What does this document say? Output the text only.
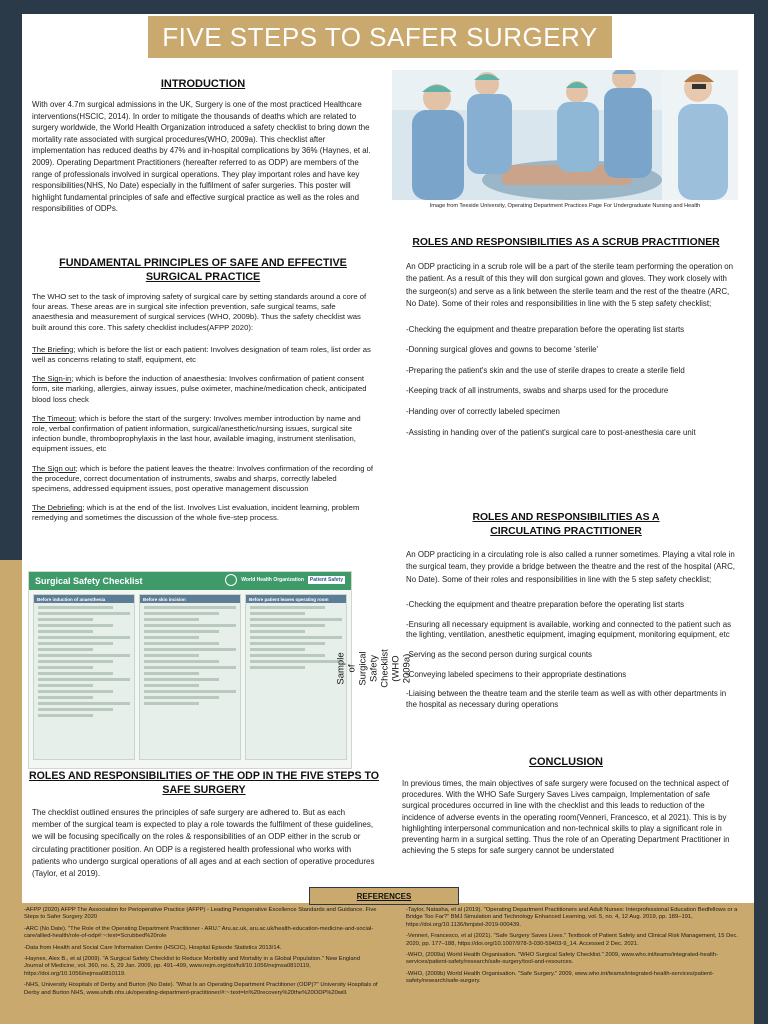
FIVE STEPS TO SAFER SURGERY
INTRODUCTION

With over 4.7m surgical admissions in the UK, Surgery is one of the most practiced Healthcare interventions(HSCIC, 2014). In order to mitigate the thousands of deaths which are related to surgery worldwide, the World Health Organization introduced a safety checklist to bring down the mortality rate associated with surgical procedures(WHO, 2009a). This checklist after implementation has reduced deaths by 47% and in-hospital complications by 36% (Haynes, et al. 2009). Operating Department Practitioners (hereafter referred to as ODP) are members of the range of professionals involved in surgical operations. They play important roles and have key responsibilities(NHS, No Date) especially in the fulfilment of safer surgeries. This poster will highlight fundamental principles of safe and effective surgical practice as well as the roles and responsibilities of ODPs.

FUNDAMENTAL PRINCIPLES OF SAFE AND EFFECTIVE SURGICAL PRACTICE

The WHO set to the task of improving safety of surgical care by setting standards around a core of four areas. These areas are in surgical site infection prevention, safe surgical teams, safe anaesthesia and measurement of surgical services (WHO, 2009b). Thus the safety checklist was built around this core. This safety checklist includes(AFPP 2020):

The Briefing; which is before the list or each patient: Involves designation of team roles, list order as well as concerns relating to staff, equipment, etc

The Sign-in; which is before the induction of anaesthesia: Involves confirmation of patient consent form, site marking, allergies, airway issues, pulse oximeter, machine/medication check, anticipated blood loss check

The Timeout; which is before the start of the surgery: Involves member introduction by name and role, verbal confirmation of patient information, surgical/anesthetic/nursing issues, surgical site infection bundle, thromboprophylaxis in the last hour, available imaging, instrument sterilisation, equipment issues, etc

The Sign out; which is before the patient leaves the theatre: Involves confirmation of the recording of the procedure, correct documentation of instruments, swabs and sharps, correctly labeled specimens, addressed equipment issues, post operative management discussion

The Debriefing; which is at the end of the list. Involves List evaluation, incident learning, problem remedying and sometimes the discussion of the whole five-step process.

Surgical Safety Checklist	World Health Organization	Patient Safety
Before induction of anaesthesia	Before skin incision	Before patient leaves operating room
Sample of Surgical Safety Checklist (WHO 2009a)
ROLES AND RESPONSIBILITIES OF THE ODP IN THE FIVE STEPS TO SAFE SURGERY

The checklist outlined ensures the principles of safe surgery are adhered to. But as each member of the surgical team is expected to play a role towards the fulfilment of these guidelines, we will be focusing specifically on the roles & responsibilities of an ODP either in the scrub or circulating practitioner position. An ODP is a registered health professional who works with patients who undergo surgical operations of all ages and at each section of operative procedures (Taylor, et al 2019).

Image from Teeside University, Operating Department Practices Page For Undergraduate Nursing and Health
ROLES AND RESPONSIBILITIES AS A SCRUB PRACTITIONER

An ODP practicing in a scrub role will be a part of the sterile team performing the operation on the patient. As a result of this they will don surgical gown and gloves. They work closely with the surgeon(s) and serve as a link between the sterile team and the rest of the theatre (ARC, No Date). Some of their roles and responsibilities in line with the 5 step safety checklist;

-Checking the equipment and theatre preparation before the operating list starts
-Donning surgical gloves and gowns to become 'sterile'
-Preparing the patient's skin and the use of sterile drapes to create a sterile field
-Keeping track of all instruments, swabs and sharps used for the procedure
-Handing over of correctly labeled specimen
-Assisting in handing over of the patient's surgical care to post-anesthesia care unit
ROLES AND RESPONSIBILITIES AS A CIRCULATING PRACTITIONER

An ODP practicing in a circulating role is also called a runner sometimes. Playing a vital role in the surgical team, they provide a bridge between the theatre and the rest of the hospital (ARC, No Date). Some of their roles and responsibilities in line with the 5 step safety checklist;

-Checking the equipment and theatre preparation before the operating list starts
-Ensuring all necessary equipment is available, working and connected to the patient such as the lighting, ventilation, anesthetic equipment, imaging equipment, monitoring equipment, etc
-Serving as the second person during surgical counts
-Conveying labeled specimens to their appropriate destinations
-Liaising between the theatre team and the sterile team as well as with other departments in the hospital as necessary during operations
CONCLUSION

In previous times, the main objectives of safe surgery were focused on the technical aspect of procedures. With the WHO Safe Surgery Saves Lives campaign, Implementation of safe surgical procedures occurred in line with the checklist and this leads to reduction of the incidence of adverse events in the operating room(Venneri, Francesco, et al 2021). This is by highlighting interpersonal communication and non-technical skills to play a significant role in preventing harm in a surgical setting. Thus the role of an Operating Department Practitioner in achieving the 5 steps for safe surgery cannot be understated

-AFPP (2020) AFPP The Association for Perioperative Practice (AFPP) - Leading Perioperative Excellence Standards and Guidance. Five Steps to Safer Surgery 2020

-ARC (No Date). "The Role of the Operating Department Practitioner - ARU." Aru.ac.uk, aru.ac.uk/health-education-medicine-and-social-care/allied-health/role-of-odp#:~:text=Scrubbed%20role

-Data from Health and Social Care Information Centre (HSCIC), Hospital Episode Statistics 2013/14.

-Haynes, Alex B., et al (2009). "A Surgical Safety Checklist to Reduce Morbidity and Mortality in a Global Population." New England Journal of Medicine, vol. 360, no. 5, 29 Jan. 2009, pp. 491–499, www.nejm.org/doi/full/10.1056/nejmsa0810119, https://doi.org/10.1056/nejmsa0810119.

-NHS, University Hospitals of Derby and Burton (No Date). "What Is an Operating Department Practitioner (ODP)?" University Hospitals of Derby and Burton NHS, www.uhdb.nhs.uk/operating-department-practitioner/#:~:text=In%20recovery%20the%20ODP%20will.

-Taylor, Natasha, et al (2019). "Operating Department Practitioners and Adult Nurses: Interprofessional Education Bedfellows or a Bridge Too Far?" BMJ Simulation and Technology Enhanced Learning, vol. 5, no. 4, 12 Aug. 2019, pp. 189–191, https://doi.org/10.1136/bmjstel-2019-000439.

-Venneri, Francesco, et al (2021). "Safe Surgery Saves Lives." Textbook of Patient Safety and Clinical Risk Management, 15 Dec. 2020, pp. 177–188, https://doi.org/10.1007/978-3-030-59403-9_14. Accessed 2 Dec. 2021.

-WHO, (2009a) World Health Organisation. "WHO Surgical Safety Checklist." 2009, www.who.int/teams/integrated-health-services/patient-safety/research/safe-surgery/tool-and-resources.

-WHO, (2009b) World Health Organisation. "Safe Surgery." 2009, www.who.int/teams/integrated-health-services/patient-safety/research/safe-surgery.

REFERENCES
